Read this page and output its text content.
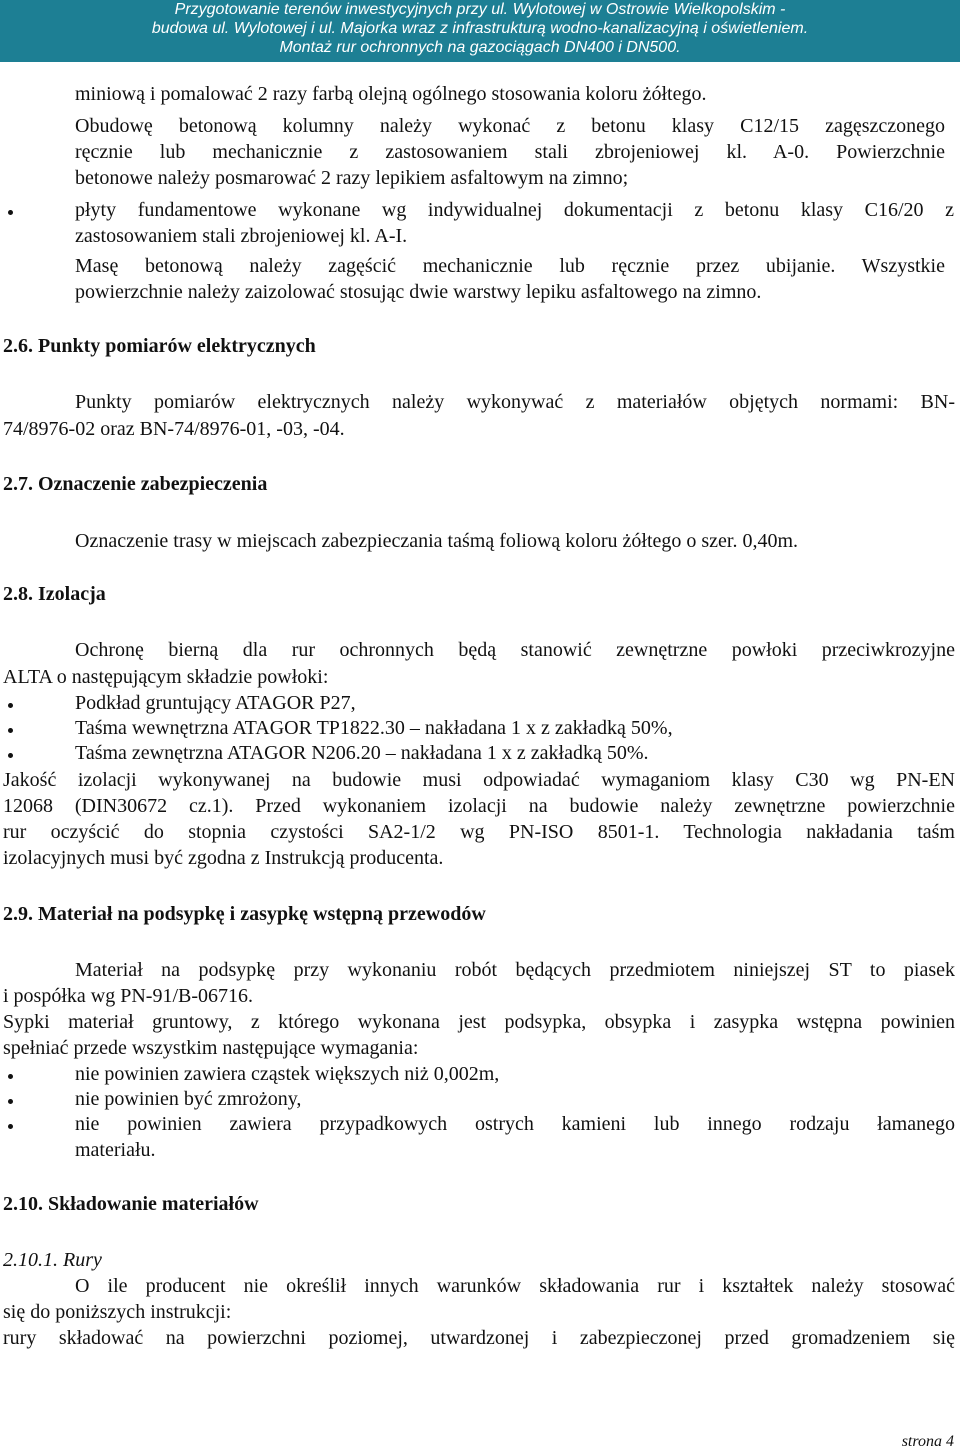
Przygotowanie terenów inwestycyjnych przy ul. Wylotowej w Ostrowie Wielkopolskim -
budowa ul. Wylotowej i ul. Majorka wraz z infrastrukturą wodno-kanalizacyjną i oświetleniem.
Montaż rur ochronnych na gazociągach DN400 i DN500.
miniową i pomalować 2 razy farbą olejną ogólnego stosowania koloru żółtego.
Obudowę betonową kolumny należy wykonać z betonu klasy C12/15 zagęszczonego
ręcznie lub mechanicznie z zastosowaniem stali zbrojeniowej kl. A-0. Powierzchnie
betonowe należy posmarować 2 razy lepikiem asfaltowym na zimno;
płyty fundamentowe wykonane wg indywidualnej dokumentacji z betonu klasy C16/20 z
zastosowaniem stali zbrojeniowej kl. A-I.
Masę betonową należy zagęścić mechanicznie lub ręcznie przez ubijanie. Wszystkie
powierzchnie należy zaizolować stosując dwie warstwy lepiku asfaltowego na zimno.
2.6. Punkty pomiarów elektrycznych
Punkty pomiarów elektrycznych należy wykonywać z materiałów objętych normami: BN-
74/8976-02 oraz BN-74/8976-01, -03, -04.
2.7. Oznaczenie zabezpieczenia
Oznaczenie trasy w miejscach zabezpieczania taśmą foliową koloru żółtego o szer. 0,40m.
2.8. Izolacja
Ochronę bierną dla rur ochronnych będą stanowić zewnętrzne powłoki przeciwkrozyjne
ALTA o następującym składzie powłoki:
Podkład gruntujący ATAGOR P27,
Taśma wewnętrzna ATAGOR TP1822.30 – nakładana 1 x z zakładką 50%,
Taśma zewnętrzna ATAGOR N206.20 – nakładana 1 x z zakładką 50%.
Jakość izolacji wykonywanej na budowie musi odpowiadać wymaganiom klasy C30 wg PN-EN
12068 (DIN30672 cz.1). Przed wykonaniem izolacji na budowie należy zewnętrzne powierzchnie
rur oczyścić do stopnia czystości SA2-1/2 wg PN-ISO 8501-1. Technologia nakładania taśm
izolacyjnych musi być zgodna z Instrukcją producenta.
2.9. Materiał na podsypkę i zasypkę wstępną przewodów
Materiał na podsypkę przy wykonaniu robót będących przedmiotem niniejszej ST to piasek
i pospółka wg PN-91/B-06716.
Sypki materiał gruntowy, z którego wykonana jest podsypka, obsypka i zasypka wstępna powinien
spełniać przede wszystkim następujące wymagania:
nie powinien zawiera cząstek większych niż 0,002m,
nie powinien być zmrożony,
nie powinien zawiera przypadkowych ostrych kamieni lub innego rodzaju łamanego
materiału.
2.10. Składowanie materiałów
2.10.1. Rury
O ile producent nie określił innych warunków składowania rur i kształtek należy stosować
się do poniższych instrukcji:
rury składować na powierzchni poziomej, utwardzonej i zabezpieczonej przed gromadzeniem się
strona 4
